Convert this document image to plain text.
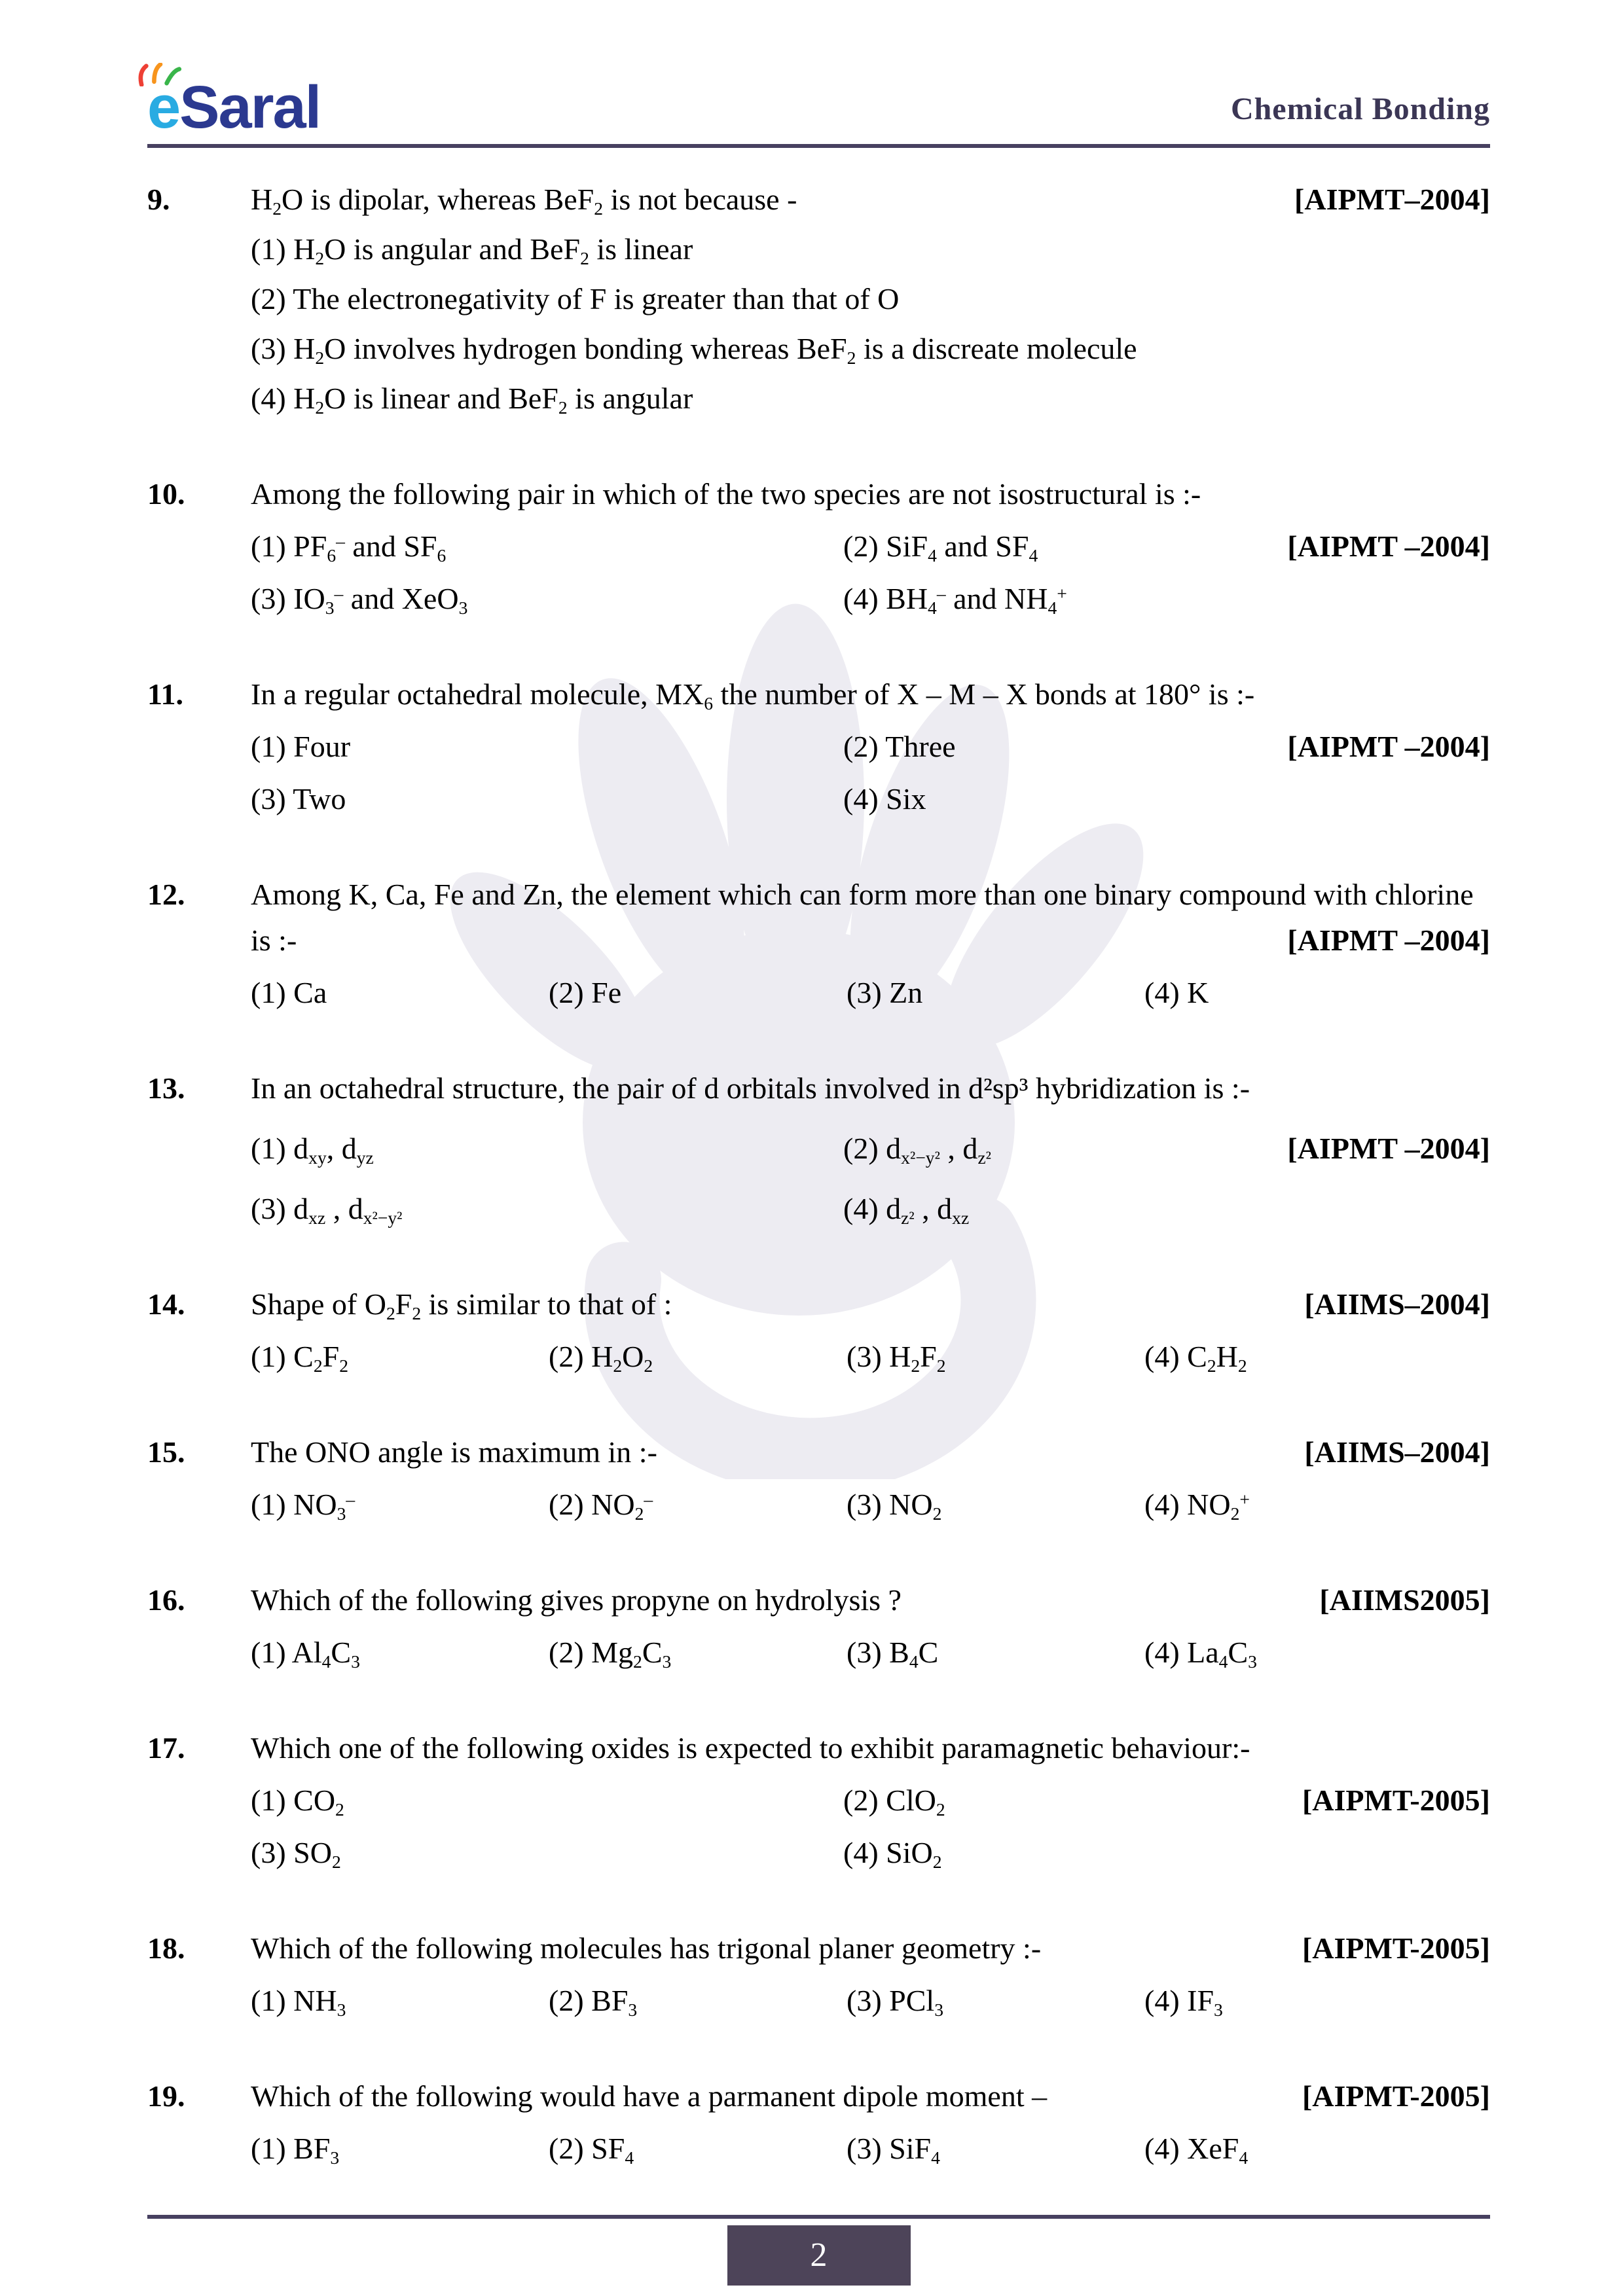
eSaral	Chemical Bonding
9.	$H_2O$ is dipolar, whereas BeF$_2$ is not because -	[AIPMT–2004]
(1) $H_2O$ is angular and BeF$_2$ is linear
(2) The electronegativity of F is greater than that of O
(3) $H_2O$ involves hydrogen bonding whereas BeF$_2$ is a discreate molecule
(4) $H_2O$ is linear and BeF$_2$ is angular
10.	Among the following pair in which of the two species are not isostructural is :-
(1) $PF_6^-$ and $SF_6$	(2) SiF$_4$ and $SF_4$	[AIPMT –2004]
(3) $IO_3^-$ and XeO$_3$	(4) $BH_4^-$ and $NH_4^+$
11.	In a regular octahedral molecule, $MX_6$ the number of X – M – X bonds at 180° is :-
(1) Four	(2) Three	[AIPMT –2004]
(3) Two	(4) Six
12.	Among K, Ca, Fe and Zn, the element which can form more than one binary compound with chlorine is :-	[AIPMT –2004]
(1) Ca	(2) Fe	(3) Zn	(4) K
13.	In an octahedral structure, the pair of d orbitals involved in d²sp³ hybridization is :-
(1) $d_{xy}$, $d_{yz}$	(2) $d_{x^2-y^2}$ , $d_{z^2}$	[AIPMT –2004]
(3) $d_{xz}$ , $d_{x^2-y^2}$	(4) $d_{z^2}$ , $d_{xz}$
14.	Shape of $O_2F_2$ is similar to that of :	[AIIMS–2004]
(1) $C_2F_2$	(2) $H_2O_2$	(3) $H_2F_2$	(4) $C_2H_2$
15.	The ONO angle is maximum in :-	[AIIMS–2004]
(1) $NO_3^-$	(2) $NO_2^-$	(3) $NO_2$	(4) $NO_2^+$
16.	Which of the following gives propyne on hydrolysis ?	[AIIMS2005]
(1) $Al_4C_3$	(2) $Mg_2C_3$	(3) $B_4C$	(4) $La_4C_3$
17.	Which one of the following oxides is expected to exhibit paramagnetic behaviour:-
(1) $CO_2$	(2) ClO$_2$	[AIPMT-2005]
(3) $SO_2$	(4) SiO$_2$
18.	Which of the following molecules has trigonal planer geometry :-	[AIPMT-2005]
(1) $NH_3$	(2) $BF_3$	(3) PCl$_3$	(4) $IF_3$
19.	Which of the following would have a parmanent dipole moment –	[AIPMT-2005]
(1) $BF_3$	(2) $SF_4$	(3) SiF$_4$	(4) XeF$_4$
2
